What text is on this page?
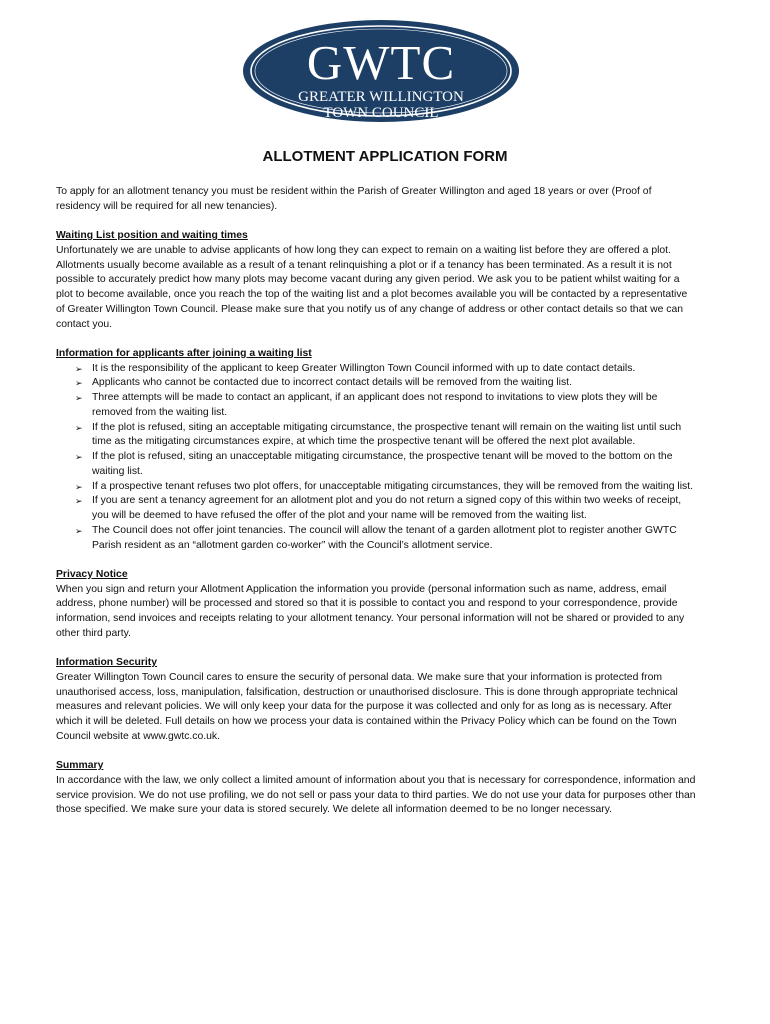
GWTC
GREATER WILLINGTON
TOWN COUNCIL
ALLOTMENT APPLICATION FORM

To apply for an allotment tenancy you must be resident within the Parish of Greater Willington and aged 18 years or over (Proof of residency will be required for all new tenancies).

Waiting List position and waiting times

Unfortunately we are unable to advise applicants of how long they can expect to remain on a waiting list before they are offered a plot. Allotments usually become available as a result of a tenant relinquishing a plot or if a tenancy has been terminated. As a result it is not possible to accurately predict how many plots may become vacant during any given period. We ask you to be patient whilst waiting for a plot to become available, once you reach the top of the waiting list and a plot becomes available you will be contacted by a representative of Greater Willington Town Council. Please make sure that you notify us of any change of address or other contact details so that we can contact you.

Information for applicants after joining a waiting list

➢ It is the responsibility of the applicant to keep Greater Willington Town Council informed with up to date contact details.
➢ Applicants who cannot be contacted due to incorrect contact details will be removed from the waiting list.
➢ Three attempts will be made to contact an applicant, if an applicant does not respond to invitations to view plots they will be removed from the waiting list.
➢ If the plot is refused, siting an acceptable mitigating circumstance, the prospective tenant will remain on the waiting list until such time as the mitigating circumstances expire, at which time the prospective tenant will be offered the next plot available.
➢ If the plot is refused, siting an unacceptable mitigating circumstance, the prospective tenant will be moved to the bottom on the waiting list.
➢ If a prospective tenant refuses two plot offers, for unacceptable mitigating circumstances, they will be removed from the waiting list.
➢ If you are sent a tenancy agreement for an allotment plot and you do not return a signed copy of this within two weeks of receipt, you will be deemed to have refused the offer of the plot and your name will be removed from the waiting list.
➢ The Council does not offer joint tenancies. The council will allow the tenant of a garden allotment plot to register another GWTC Parish resident as an “allotment garden co-worker” with the Council’s allotment service.

Privacy Notice

When you sign and return your Allotment Application the information you provide (personal information such as name, address, email address, phone number) will be processed and stored so that it is possible to contact you and respond to your correspondence, provide information, send invoices and receipts relating to your allotment tenancy. Your personal information will not be shared or provided to any other third party.

Information Security

Greater Willington Town Council cares to ensure the security of personal data. We make sure that your information is protected from unauthorised access, loss, manipulation, falsification, destruction or unauthorised disclosure. This is done through appropriate technical measures and relevant policies. We will only keep your data for the purpose it was collected and only for as long as is necessary. After which it will be deleted. Full details on how we process your data is contained within the Privacy Policy which can be found on the Town Council website at www.gwtc.co.uk.

Summary

In accordance with the law, we only collect a limited amount of information about you that is necessary for correspondence, information and service provision. We do not use profiling, we do not sell or pass your data to third parties. We do not use your data for purposes other than those specified. We make sure your data is stored securely. We delete all information deemed to be no longer necessary.
